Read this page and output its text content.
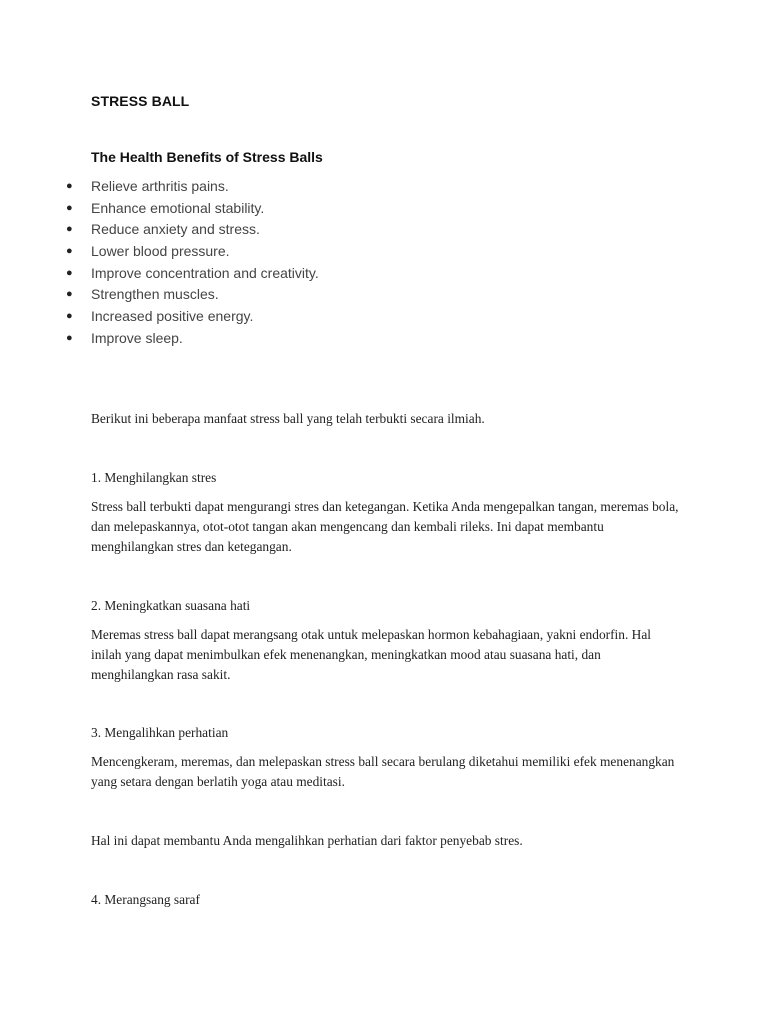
STRESS BALL
The Health Benefits of Stress Balls
● Relieve arthritis pains.
● Enhance emotional stability.
● Reduce anxiety and stress.
● Lower blood pressure.
● Improve concentration and creativity.
● Strengthen muscles.
● Increased positive energy.
● Improve sleep.

Berikut ini beberapa manfaat stress ball yang telah terbukti secara ilmiah.

1. Menghilangkan stres

Stress ball terbukti dapat mengurangi stres dan ketegangan. Ketika Anda mengepalkan tangan, meremas bola, dan melepaskannya, otot-otot tangan akan mengencang dan kembali rileks. Ini dapat membantu menghilangkan stres dan ketegangan.

2. Meningkatkan suasana hati

Meremas stress ball dapat merangsang otak untuk melepaskan hormon kebahagiaan, yakni endorfin. Hal inilah yang dapat menimbulkan efek menenangkan, meningkatkan mood atau suasana hati, dan menghilangkan rasa sakit.

3. Mengalihkan perhatian

Mencengkeram, meremas, dan melepaskan stress ball secara berulang diketahui memiliki efek menenangkan yang setara dengan berlatih yoga atau meditasi.

Hal ini dapat membantu Anda mengalihkan perhatian dari faktor penyebab stres.

4. Merangsang saraf
